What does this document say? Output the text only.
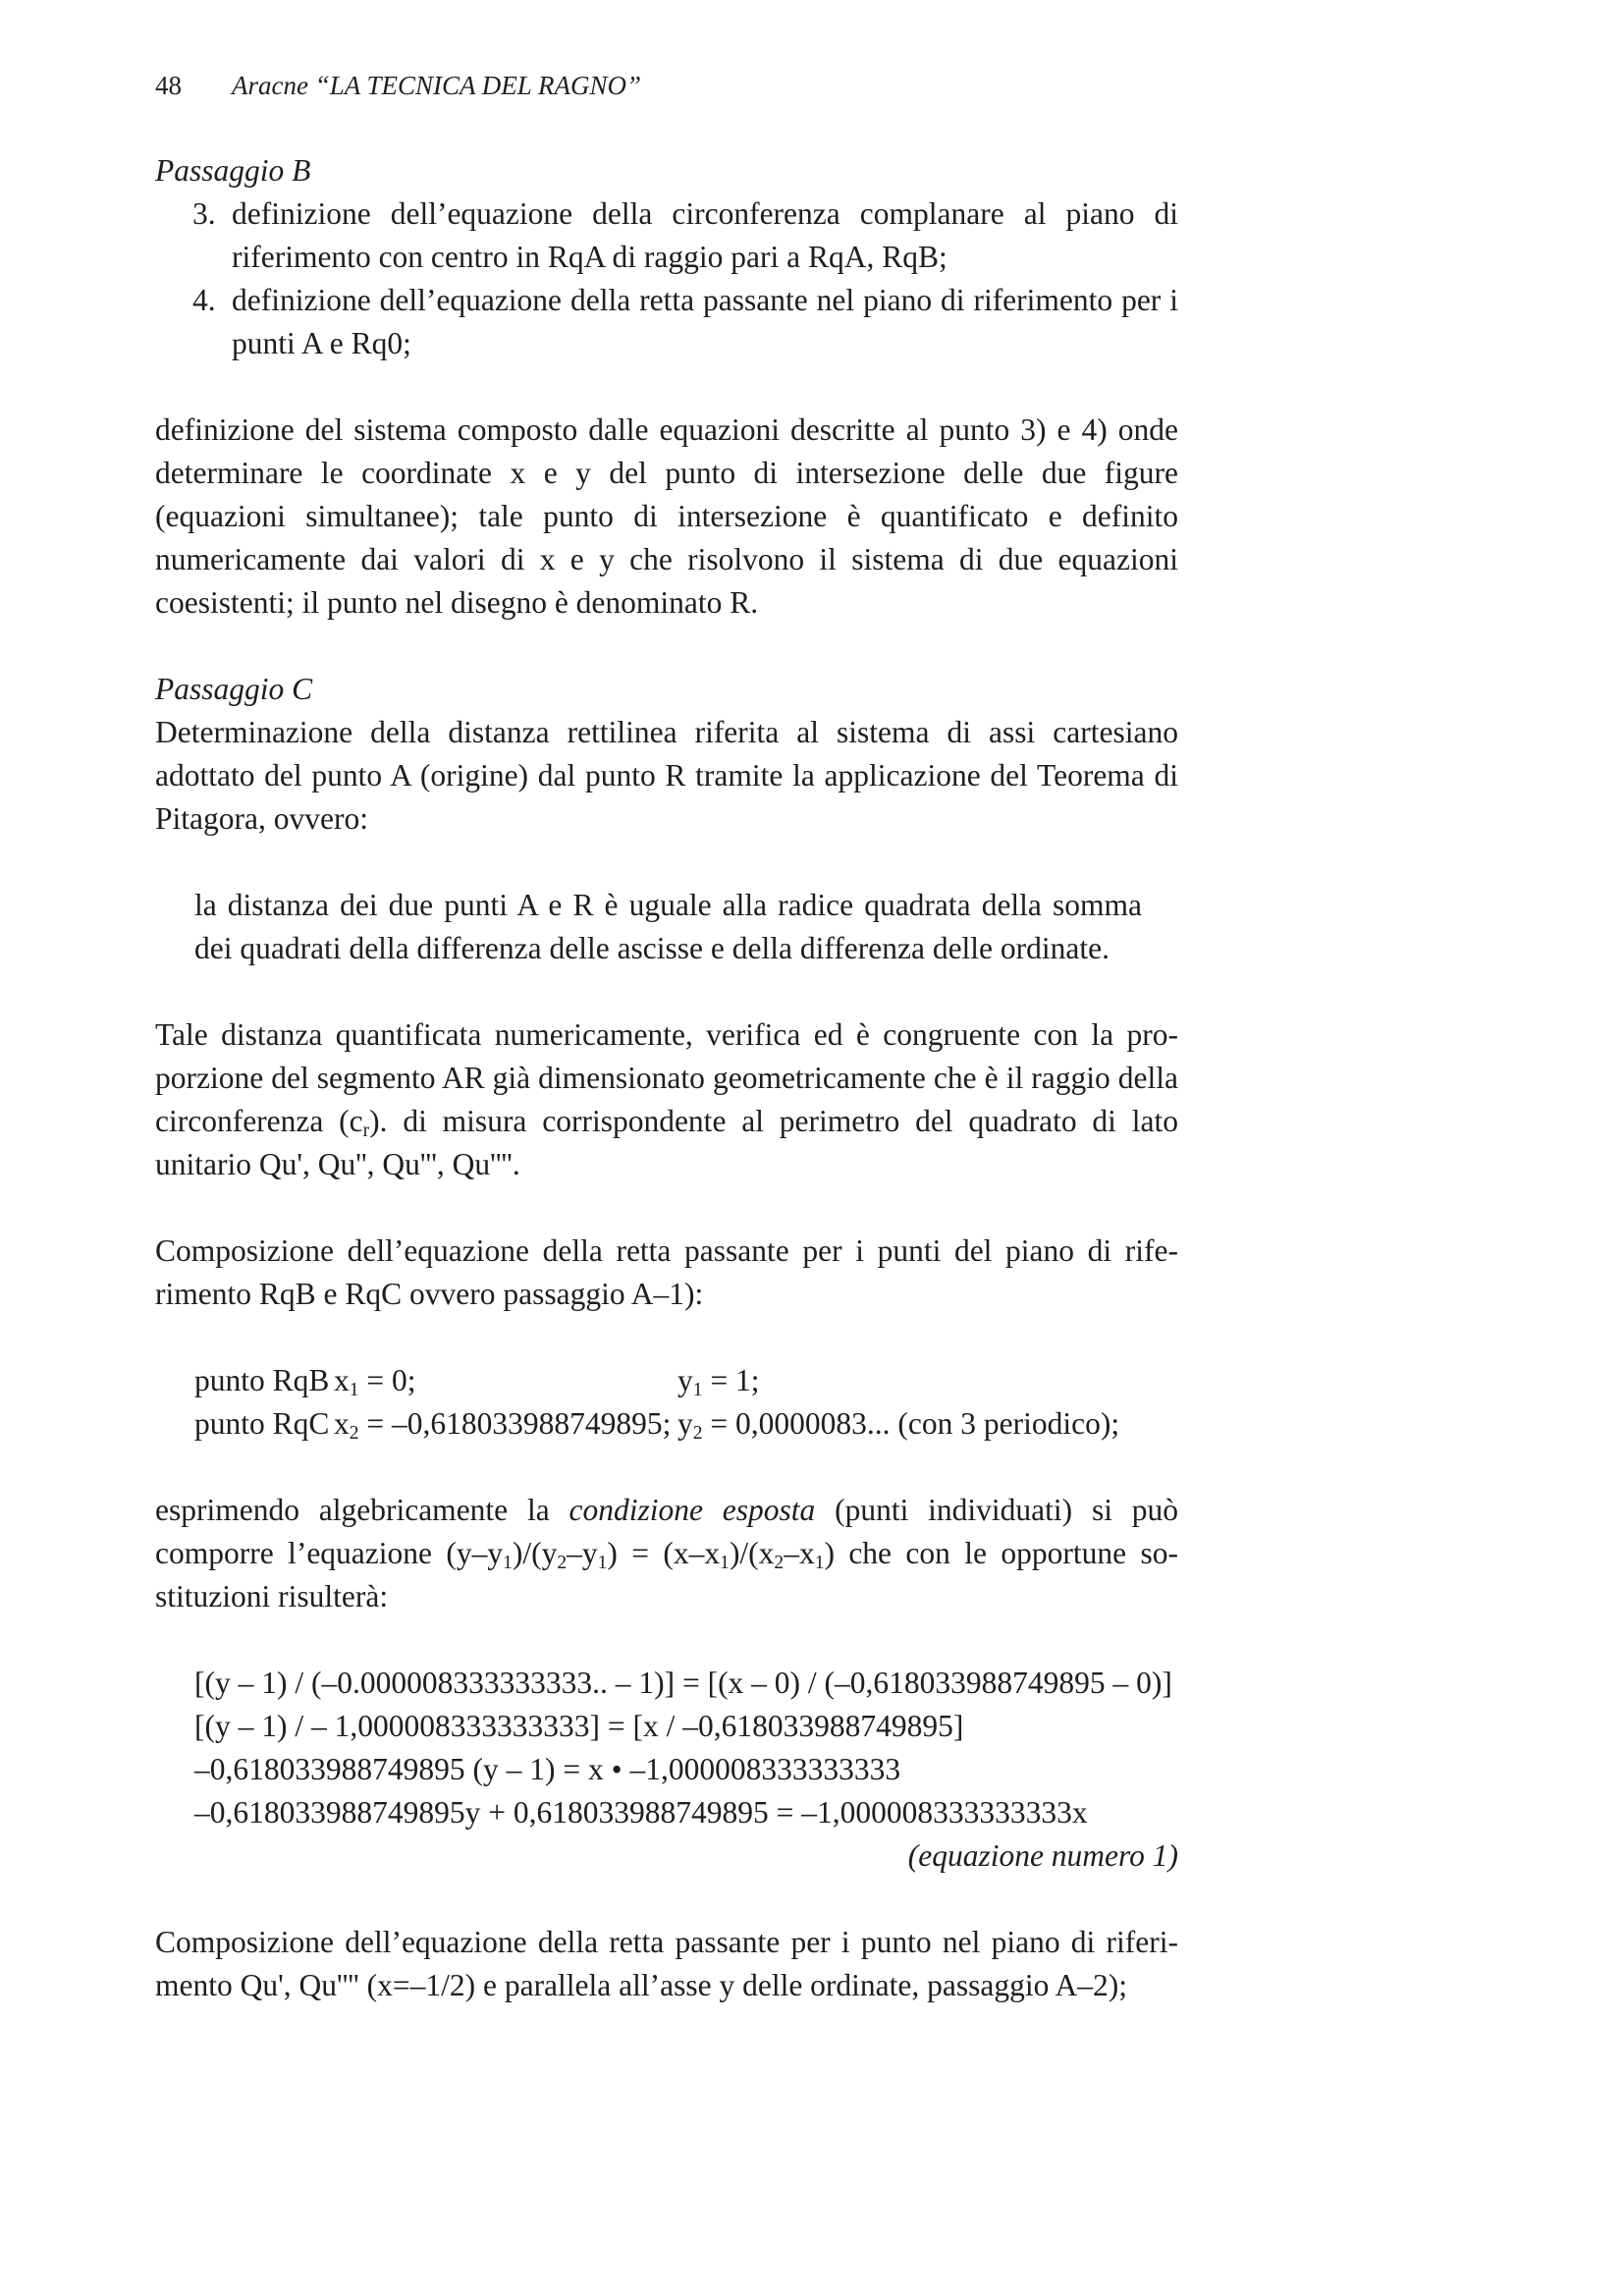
48 Aracne “LA TECNICA DEL RAGNO”

Passaggio B

3. definizione dell’equazione della circonferenza complanare al piano di riferimento con centro in RqA di raggio pari a RqA, RqB;
4. definizione dell’equazione della retta passante nel piano di riferimento per i punti A e Rq0;

definizione del sistema composto dalle equazioni descritte al punto 3) e 4) onde determinare le coordinate x e y del punto di intersezione delle due figure (equazioni simultanee); tale punto di intersezione è quantificato e definito numericamente dai valori di x e y che risolvono il sistema di due equazioni coesistenti; il punto nel disegno è denominato R.

Passaggio C

Determinazione della distanza rettilinea riferita al sistema di assi cartesiano adottato del punto A (origine) dal punto R tramite la applicazione del Teorema di Pitagora, ovvero:

la distanza dei due punti A e R è uguale alla radice quadrata della somma

dei quadrati della differenza delle ascisse e della differenza delle ordinate.

Tale distanza quantificata numericamente, verifica ed è congruente con la proporzione del segmento AR già dimensionato geometricamente che è il raggio della circonferenza $(c_r)$. di misura corrispondente al perimetro del quadrato di lato unitario Qu', Qu'', Qu''', Qu''''.

Composizione dell’equazione della retta passante per i punti del piano di riferimento RqB e RqC ovvero passaggio A–1):

punto RqB $x_1 = 0$;	$y_1 = 1$;
punto RqC $x_2 = -0,618033988749895$; $y_2 = 0,0000083$... (con 3 periodico);

esprimendo algebricamente la condizione esposta (punti individuati) si può comporre l’equazione $(y-y_1)/(y_2-y_1) = (x-x_1)/(x_2-x_1)$ che con le opportune sostituzioni risulterà:

[(y – 1) / (–0.000008333333333.. – 1)] = [(x – 0) / (–0,618033988749895 – 0)]
[(y – 1) / – 1,000008333333333] = [x / –0,618033988749895]
–0,618033988749895 (y – 1) = x • –1,000008333333333
–0,618033988749895y + 0,618033988749895 = –1,000008333333333x
(equazione numero 1)

Composizione dell’equazione della retta passante per i punto nel piano di riferimento Qu', Qu'''' (x=–1/2) e parallela all’asse y delle ordinate, passaggio A–2);
